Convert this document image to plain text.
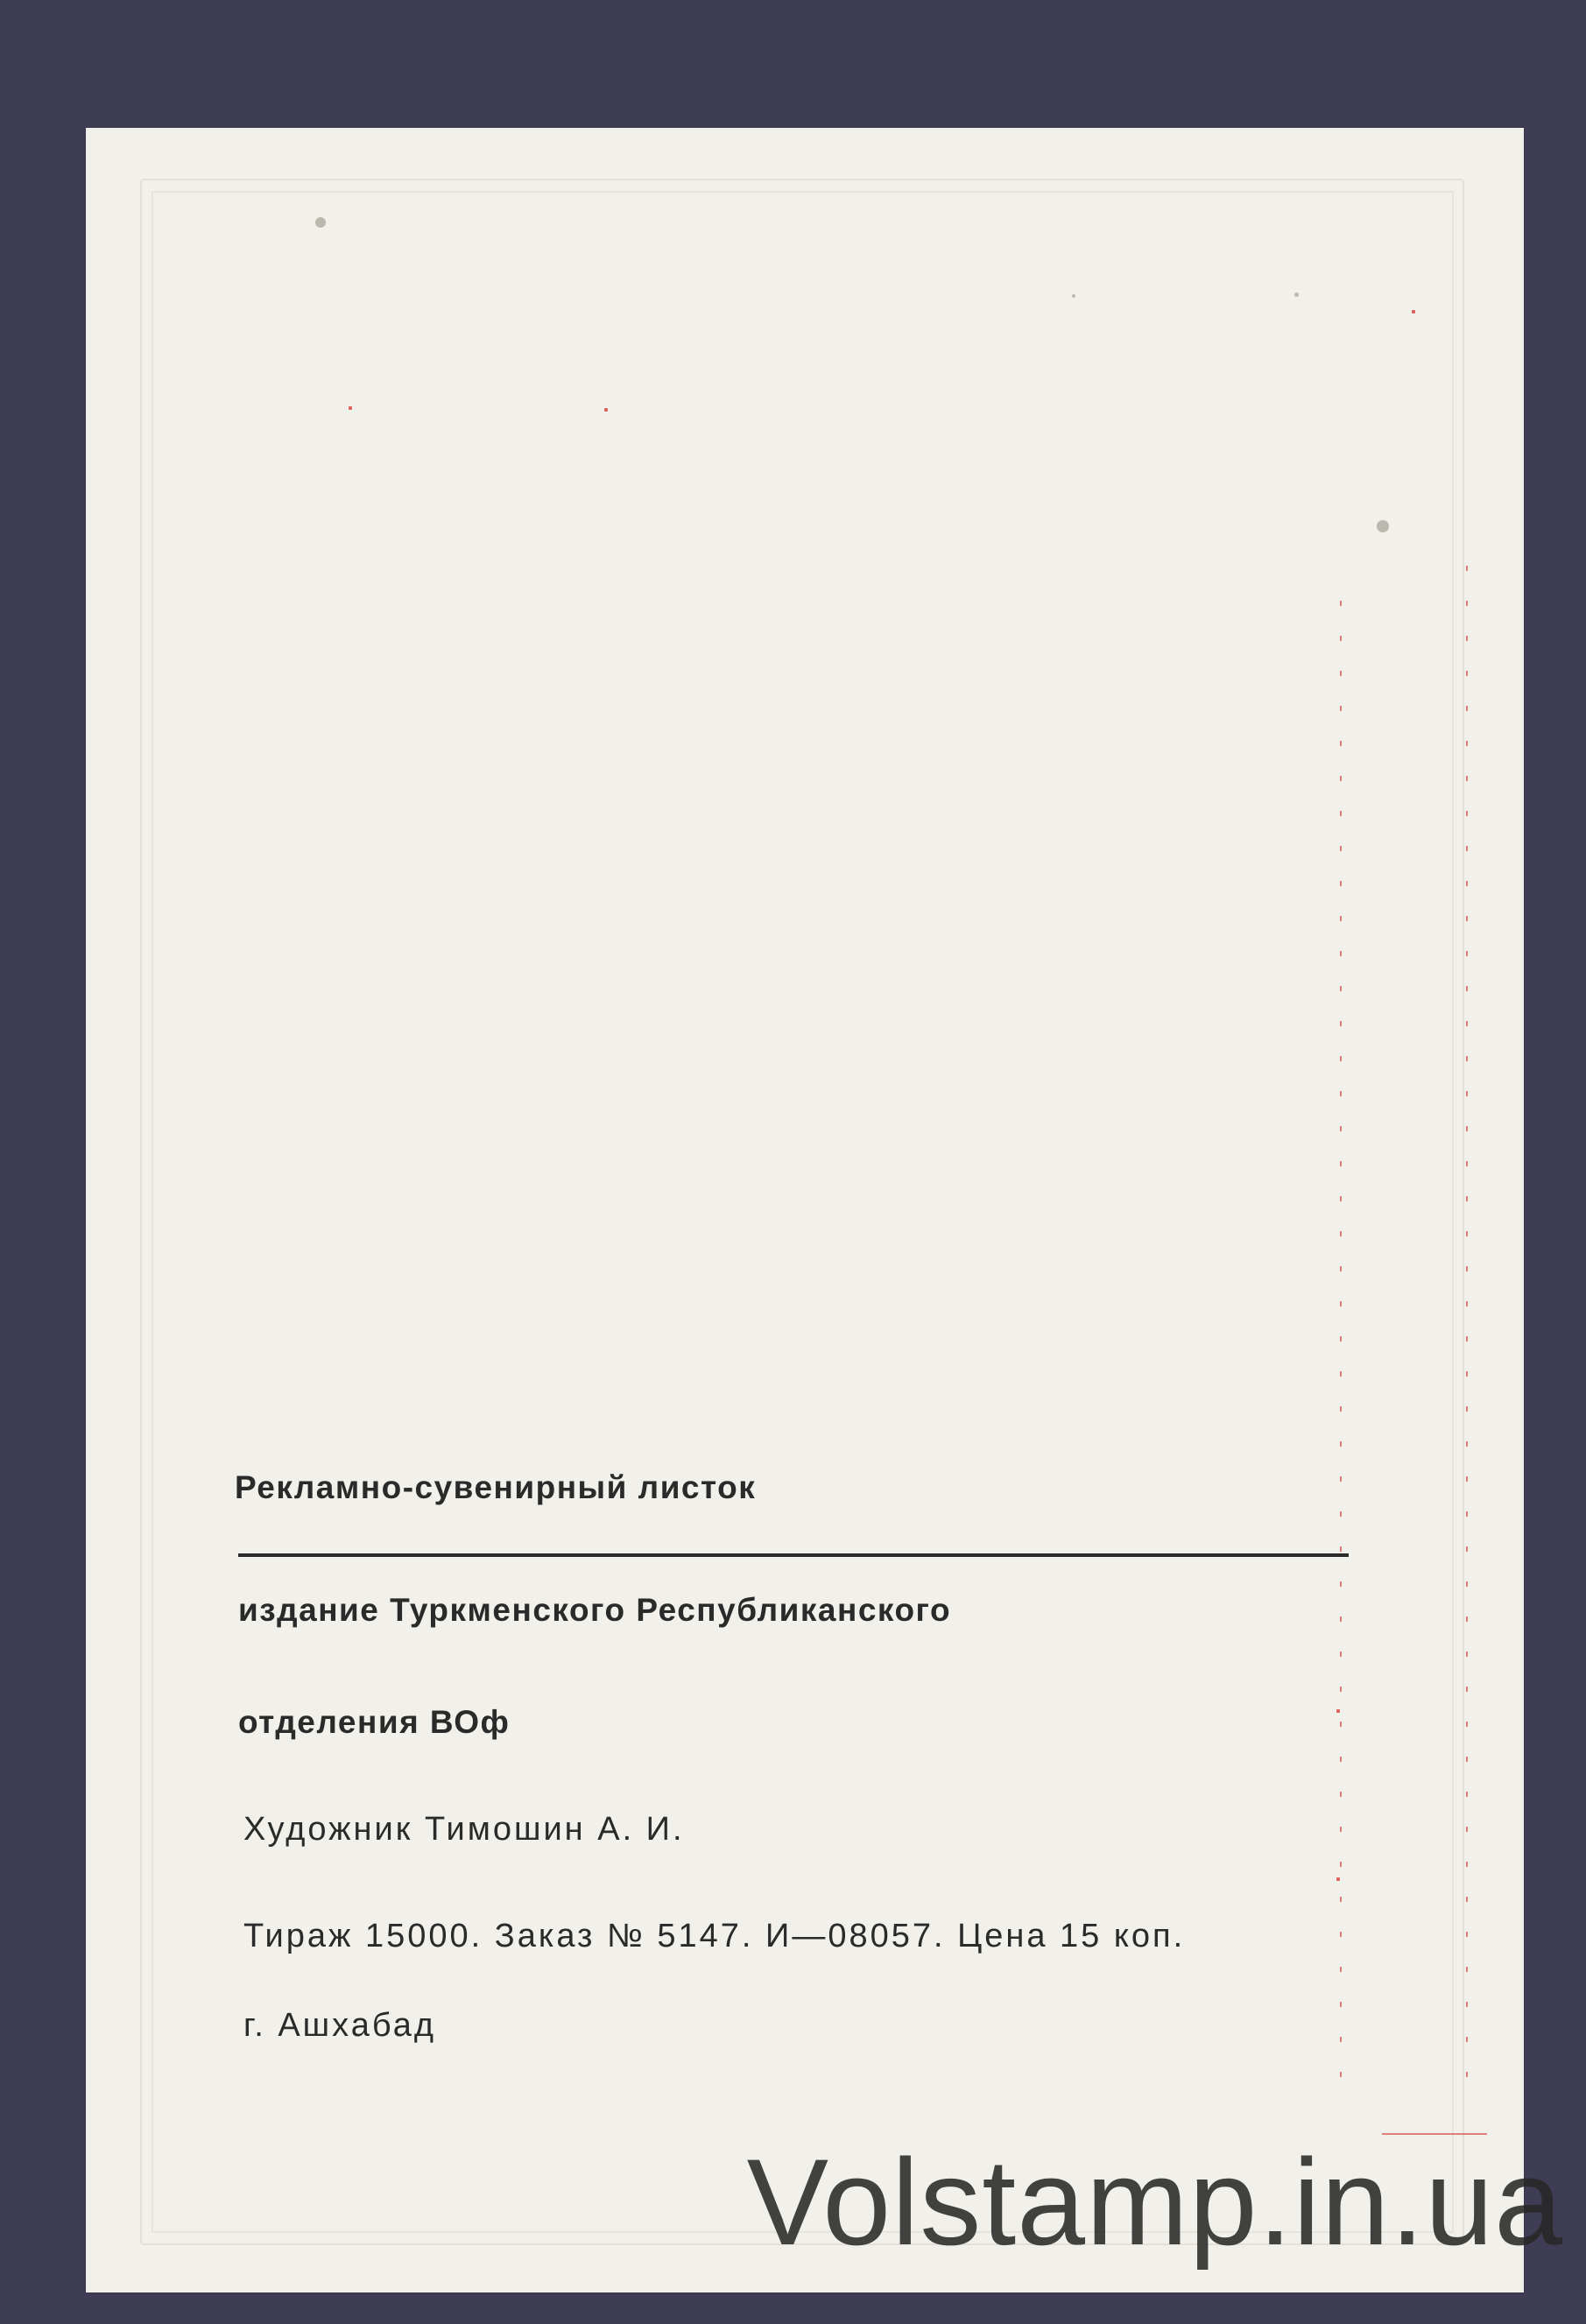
Рекламно-сувенирный листок
издание Туркменского Республиканского
отделения ВОф
Художник Тимошин А. И.
Тираж 15000. Заказ № 5147. И—08057. Цена 15 коп.
г. Ашхабад
Volstamp.in.ua
